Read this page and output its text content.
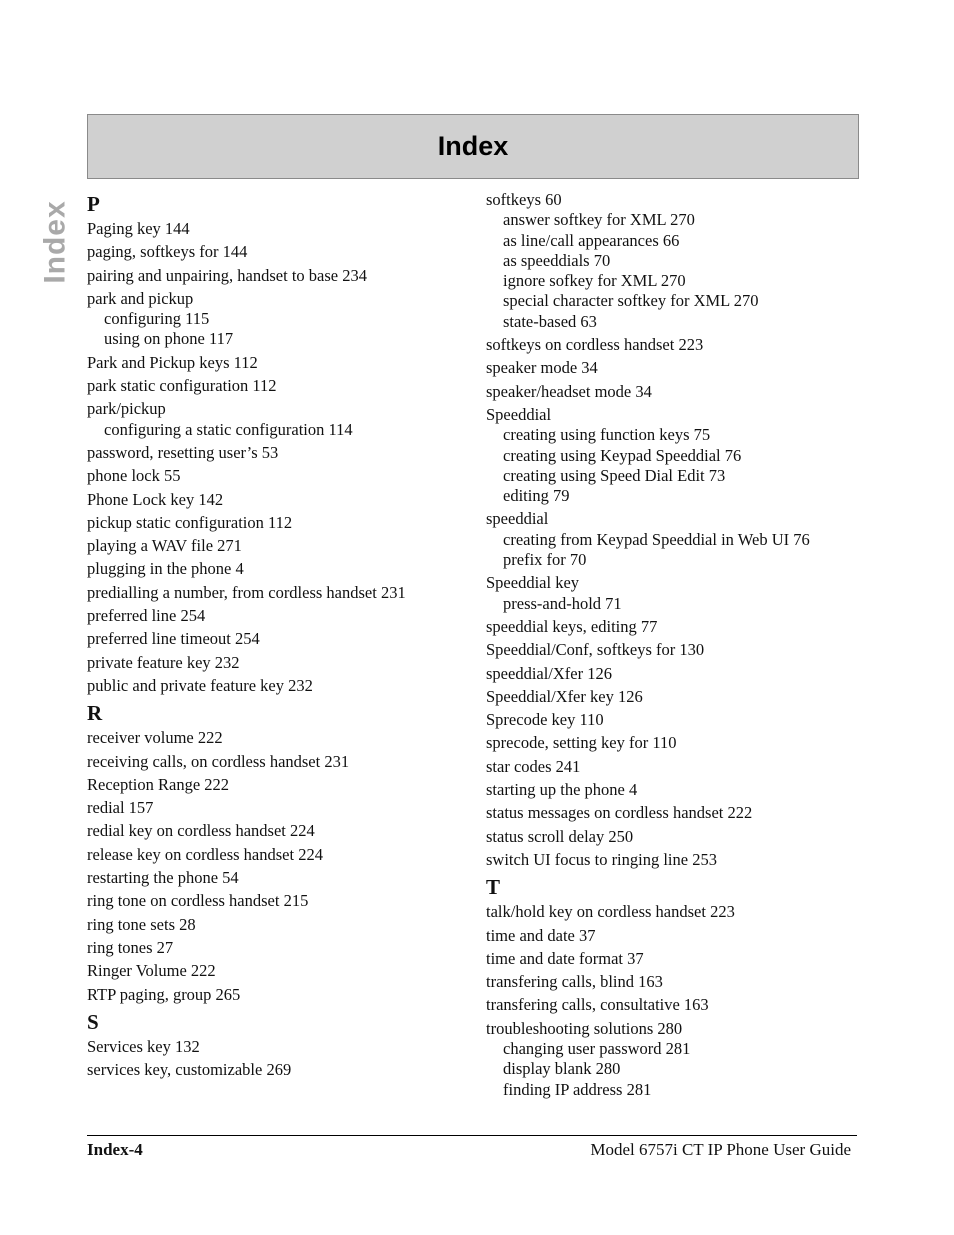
Index
Index
P
Paging key 144
paging, softkeys for 144
pairing and unpairing, handset to base 234
park and pickup
configuring 115
using on phone 117
Park and Pickup keys 112
park static configuration 112
park/pickup
configuring a static configuration 114
password, resetting user’s 53
phone lock 55
Phone Lock key 142
pickup static configuration 112
playing a WAV file 271
plugging in the phone 4
predialling a number, from cordless handset 231
preferred line 254
preferred line timeout 254
private feature key 232
public and private feature key 232
R
receiver volume 222
receiving calls, on cordless handset 231
Reception Range 222
redial 157
redial key on cordless handset 224
release key on cordless handset 224
restarting the phone 54
ring tone on cordless handset 215
ring tone sets 28
ring tones 27
Ringer Volume 222
RTP paging, group 265
S
Services key 132
services key, customizable 269
softkeys 60
answer softkey for XML 270
as line/call appearances 66
as speeddials 70
ignore sofkey for XML 270
special character softkey for XML 270
state-based 63
softkeys on cordless handset 223
speaker mode 34
speaker/headset mode 34
Speeddial
creating using function keys 75
creating using Keypad Speeddial 76
creating using Speed Dial Edit 73
editing 79
speeddial
creating from Keypad Speeddial in Web UI 76
prefix for 70
Speeddial key
press-and-hold 71
speeddial keys, editing 77
Speeddial/Conf, softkeys for 130
speeddial/Xfer 126
Speeddial/Xfer key 126
Sprecode key 110
sprecode, setting key for 110
star codes 241
starting up the phone 4
status messages on cordless handset 222
status scroll delay 250
switch UI focus to ringing line 253
T
talk/hold key on cordless handset 223
time and date 37
time and date format 37
transfering calls, blind 163
transfering calls, consultative 163
troubleshooting solutions 280
changing user password 281
display blank 280
finding IP address 281
Index-4	Model 6757i CT IP Phone User Guide
